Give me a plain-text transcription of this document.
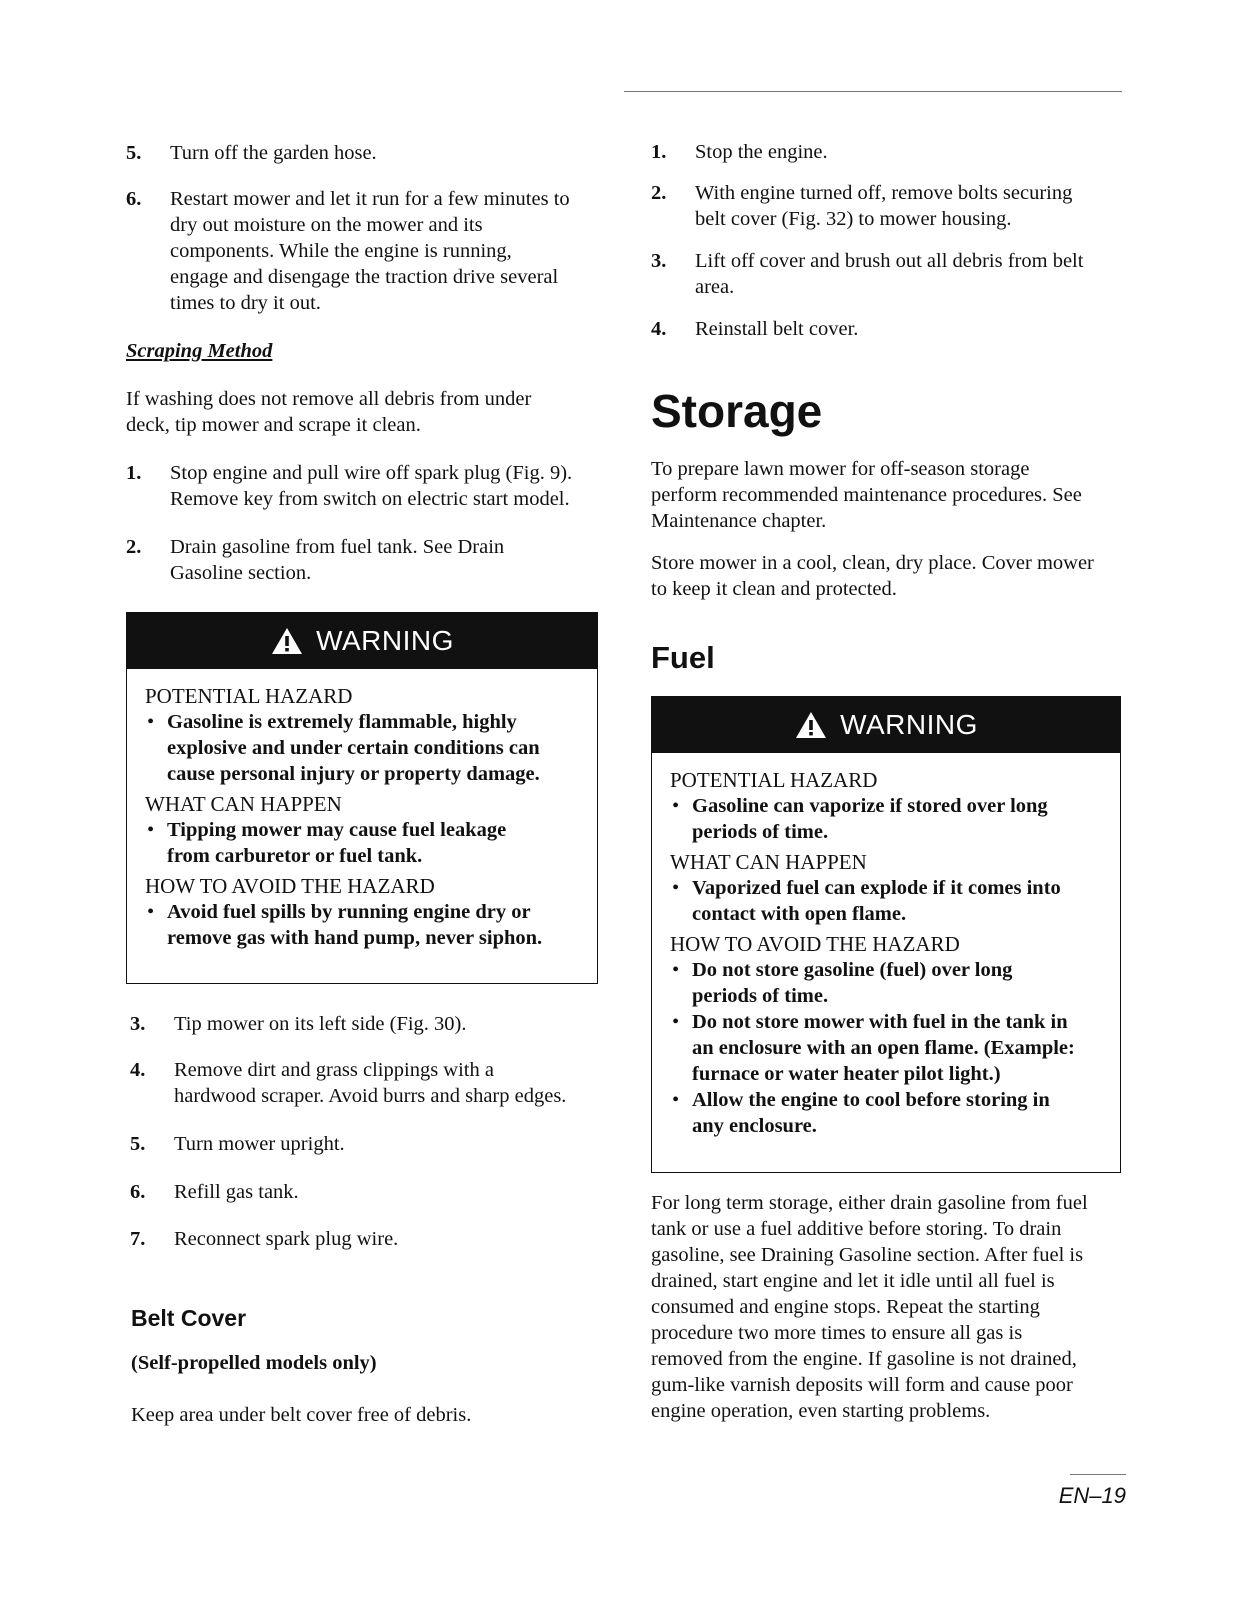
5.	Turn off the garden hose.
6.	Restart mower and let it run for a few minutes to
dry out moisture on the mower and its
components. While the engine is running,
engage and disengage the traction drive several
times to dry it out.
Scraping Method
If washing does not remove all debris from under
deck, tip mower and scrape it clean.
1.	Stop engine and pull wire off spark plug (Fig. 9).
Remove key from switch on electric start model.
2.	Drain gasoline from fuel tank. See Drain
Gasoline section.
WARNING
POTENTIAL HAZARD
• Gasoline is extremely flammable, highly
explosive and under certain conditions can
cause personal injury or property damage.
WHAT CAN HAPPEN
• Tipping mower may cause fuel leakage
from carburetor or fuel tank.
HOW TO AVOID THE HAZARD
• Avoid fuel spills by running engine dry or
remove gas with hand pump, never siphon.
3.	Tip mower on its left side (Fig. 30).
4.	Remove dirt and grass clippings with a
hardwood scraper. Avoid burrs and sharp edges.
5.	Turn mower upright.
6.	Refill gas tank.
7.	Reconnect spark plug wire.
Belt Cover
(Self-propelled models only)
Keep area under belt cover free of debris.
1.	Stop the engine.
2.	With engine turned off, remove bolts securing
belt cover (Fig. 32) to mower housing.
3.	Lift off cover and brush out all debris from belt
area.
4.	Reinstall belt cover.
Storage
To prepare lawn mower for off-season storage
perform recommended maintenance procedures. See
Maintenance chapter.
Store mower in a cool, clean, dry place. Cover mower
to keep it clean and protected.
Fuel
WARNING
POTENTIAL HAZARD
• Gasoline can vaporize if stored over long
periods of time.
WHAT CAN HAPPEN
• Vaporized fuel can explode if it comes into
contact with open flame.
HOW TO AVOID THE HAZARD
• Do not store gasoline (fuel) over long
periods of time.
• Do not store mower with fuel in the tank in
an enclosure with an open flame. (Example:
furnace or water heater pilot light.)
• Allow the engine to cool before storing in
any enclosure.
For long term storage, either drain gasoline from fuel
tank or use a fuel additive before storing. To drain
gasoline, see Draining Gasoline section. After fuel is
drained, start engine and let it idle until all fuel is
consumed and engine stops. Repeat the starting
procedure two more times to ensure all gas is
removed from the engine. If gasoline is not drained,
gum-like varnish deposits will form and cause poor
engine operation, even starting problems.
EN–19
